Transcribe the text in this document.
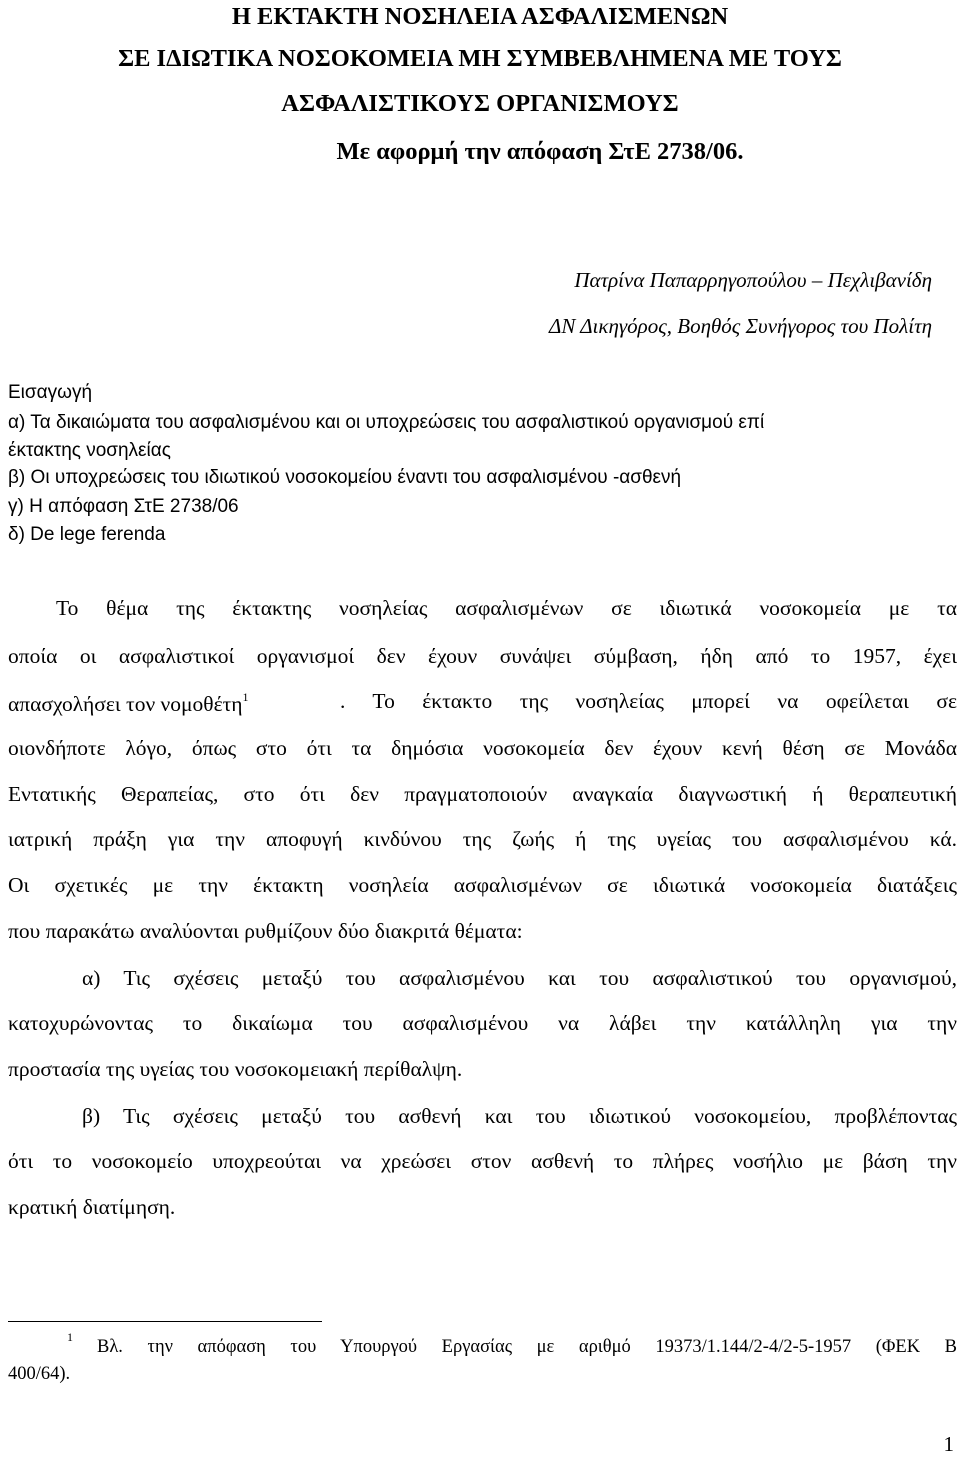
Η ΕΚΤΑΚΤΗ ΝΟΣΗΛΕΙΑ ΑΣΦΑΛΙΣΜΕΝΩΝ
ΣΕ ΙΔΙΩΤΙΚΑ ΝΟΣΟΚΟΜΕΙΑ ΜΗ ΣΥΜΒΕΒΛΗΜΕΝΑ ΜΕ ΤΟΥΣ
ΑΣΦΑΛΙΣΤΙΚΟΥΣ ΟΡΓΑΝΙΣΜΟΥΣ
Με αφορμή την απόφαση ΣτΕ 2738/06.
Πατρίνα Παπαρρηγοπούλου – Πεχλιβανίδη
ΔΝ Δικηγόρος, Βοηθός Συνήγορος του Πολίτη
Εισαγωγή
α) Τα δικαιώματα του ασφαλισμένου και οι υποχρεώσεις του ασφαλιστικού οργανισμού επί
έκτακτης νοσηλείας
β) Οι υποχρεώσεις του ιδιωτικού νοσοκομείου έναντι του ασφαλισμένου -ασθενή
γ) Η απόφαση ΣτΕ 2738/06
δ) De lege ferenda
Το θέμα της έκτακτης νοσηλείας ασφαλισμένων σε ιδιωτικά νοσοκομεία με τα
οποία οι ασφαλιστικοί οργανισμοί δεν έχουν συνάψει σύμβαση, ήδη από το 1957, έχει
απασχολήσει τον νομοθέτη$^1$	. Το έκτακτο της νοσηλείας μπορεί να οφείλεται σε
οιονδήποτε λόγο, όπως στο ότι τα δημόσια νοσοκομεία δεν έχουν κενή θέση σε Μονάδα
Εντατικής Θεραπείας, στο ότι δεν πραγματοποιούν αναγκαία διαγνωστική ή θεραπευτική
ιατρική πράξη για την αποφυγή κινδύνου της ζωής ή της υγείας του ασφαλισμένου κά.
Οι σχετικές με την έκτακτη νοσηλεία ασφαλισμένων σε ιδιωτικά νοσοκομεία διατάξεις
που παρακάτω αναλύονται ρυθμίζουν δύο διακριτά θέματα:
α) Τις σχέσεις μεταξύ του ασφαλισμένου και του ασφαλιστικού του οργανισμού,
κατοχυρώνοντας το δικαίωμα του ασφαλισμένου να λάβει την κατάλληλη για την
προστασία της υγείας του νοσοκομειακή περίθαλψη.
β) Τις σχέσεις μεταξύ του ασθενή και του ιδιωτικού νοσοκομείου, προβλέποντας
ότι το νοσοκομείο υποχρεούται να χρεώσει στον ασθενή το πλήρες νοσήλιο με βάση την
κρατική διατίμηση.
1 Βλ. την απόφαση του Υπουργού Εργασίας με αριθμό 19373/1.144/2-4/2-5-1957 (ΦΕΚ Β
400/64).
1
